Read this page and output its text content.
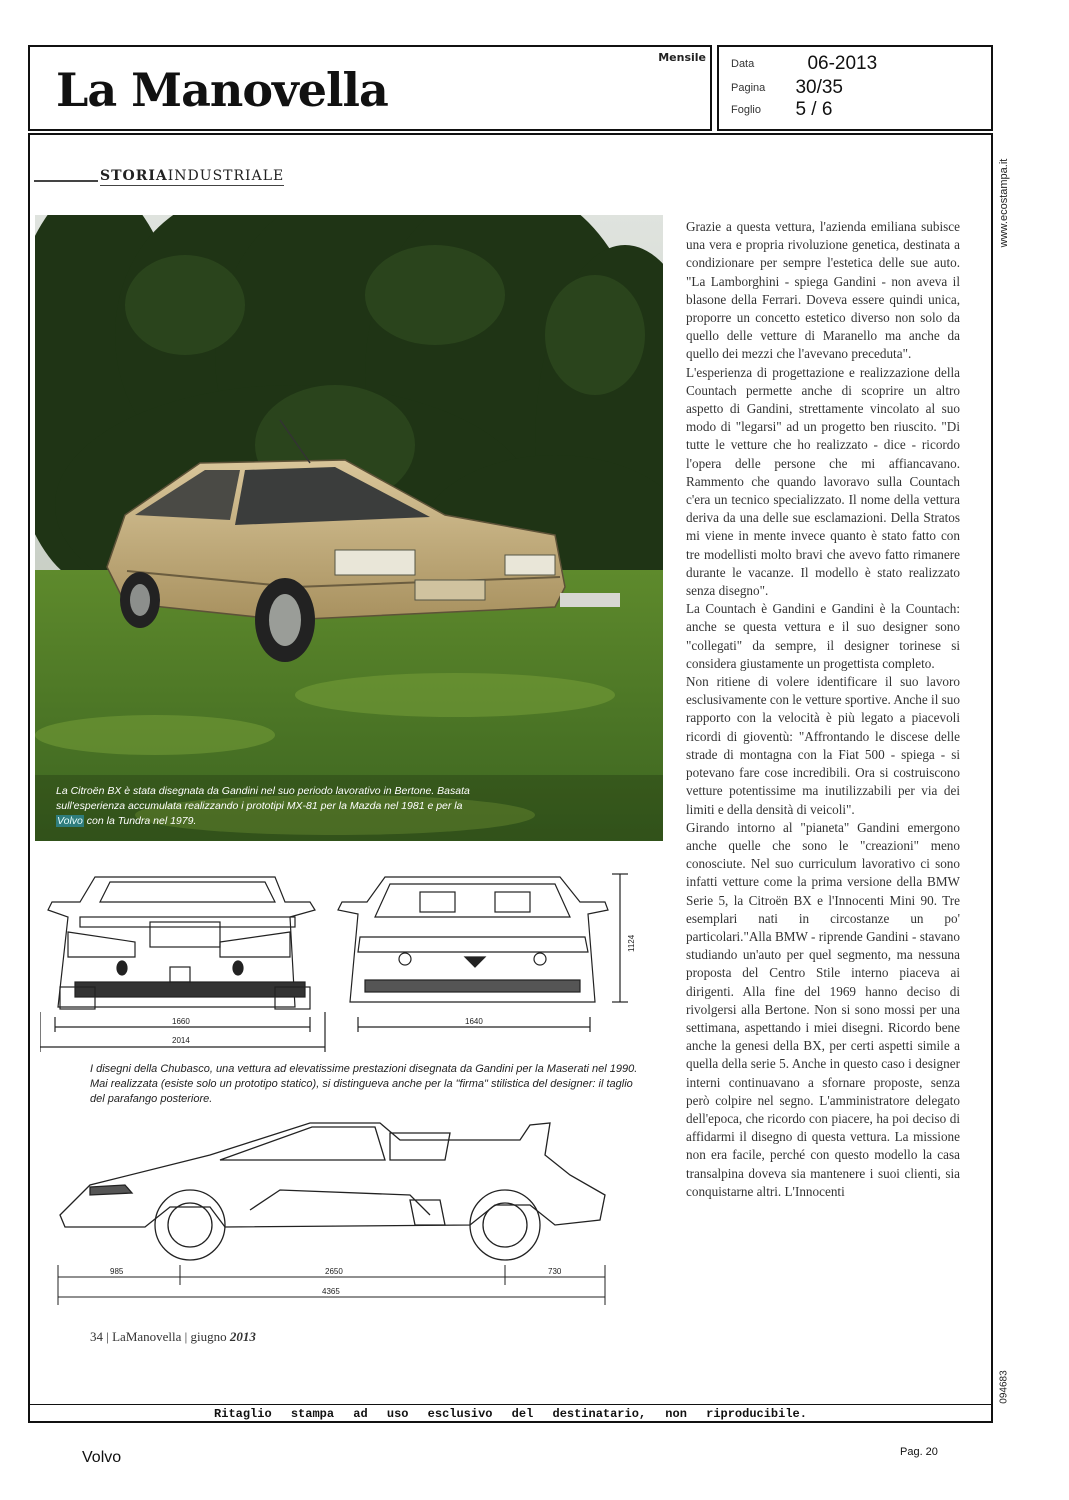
La Manovella
Mensile Data	06-2013
Pagina 30/35
Foglio 5 / 6
STORIAINDUSTRIALE
La Citroën BX è stata disegnata da Gandini nel suo periodo lavorativo in Bertone. Basata sull'esperienza accumulata realizzando i prototipi MX-81 per la Mazda nel 1981 e per la Volvo con la Tundra nel 1979.
1660
2014
1640
1124
I disegni della Chubasco, una vettura ad elevatissime prestazioni disegnata da Gandini per la Maserati nel 1990. Mai realizzata (esiste solo un prototipo statico), si distingueva anche per la "firma" stilistica del designer: il taglio del parafango posteriore.
985	2650	730
4365

Grazie a questa vettura, l'azienda emiliana subisce una vera e propria rivoluzione genetica, destinata a condizionare per sempre l'estetica delle sue auto. "La Lamborghini - spiega Gandini - non aveva il blasone della Ferrari. Doveva essere quindi unica, proporre un concetto estetico diverso non solo da quello delle vetture di Maranello ma anche da quello dei mezzi che l'avevano preceduta".

L'esperienza di progettazione e realizzazione della Countach permette anche di scoprire un altro aspetto di Gandini, strettamente vincolato al suo modo di "legarsi" ad un progetto ben riuscito. "Di tutte le vetture che ho realizzato - dice - ricordo l'opera delle persone che mi affiancavano. Rammento che quando lavoravo sulla Countach c'era un tecnico specializzato. Il nome della vettura deriva da una delle sue esclamazioni. Della Stratos mi viene in mente invece quanto è stato fatto con tre modellisti molto bravi che avevo fatto rimanere durante le vacanze. Il modello è stato realizzato senza disegno".

La Countach è Gandini e Gandini è la Countach: anche se questa vettura e il suo designer sono "collegati" da sempre, il designer torinese si considera giustamente un progettista completo.

Non ritiene di volere identificare il suo lavoro esclusivamente con le vetture sportive. Anche il suo rapporto con la velocità è più legato a piacevoli ricordi di gioventù: "Affrontando le discese delle strade di montagna con la Fiat 500 - spiega - si potevano fare cose incredibili. Ora si costruiscono vetture potentissime ma inutilizzabili per via dei limiti e della densità di veicoli".

Girando intorno al "pianeta" Gandini emergono anche quelle che sono le "creazioni" meno conosciute. Nel suo curriculum lavorativo ci sono infatti vetture come la prima versione della BMW Serie 5, la Citroën BX e l'Innocenti Mini 90. Tre esemplari nati in circostanze un po' particolari."Alla BMW - riprende Gandini - stavano studiando un'auto per quel segmento, ma nessuna proposta del Centro Stile interno piaceva ai dirigenti. Alla fine del 1969 hanno deciso di rivolgersi alla Bertone. Non si sono mossi per una settimana, aspettando i miei disegni. Ricordo bene anche la genesi della BX, per certi aspetti simile a quella della serie 5. Anche in questo caso i designer interni continuavano a sfornare proposte, senza però colpire nel segno. L'amministratore delegato dell'epoca, che ricordo con piacere, ha poi deciso di affidarmi il disegno di questa vettura. La missione non era facile, perché con questo modello la casa transalpina doveva sia mantenere i suoi clienti, sia conquistarne altri. L'Innocenti

34 | LaManovella | giugno 2013
www.ecostampa.it
094683
Ritaglio stampa ad uso esclusivo del destinatario, non riproducibile.
Volvo	Pag. 20
